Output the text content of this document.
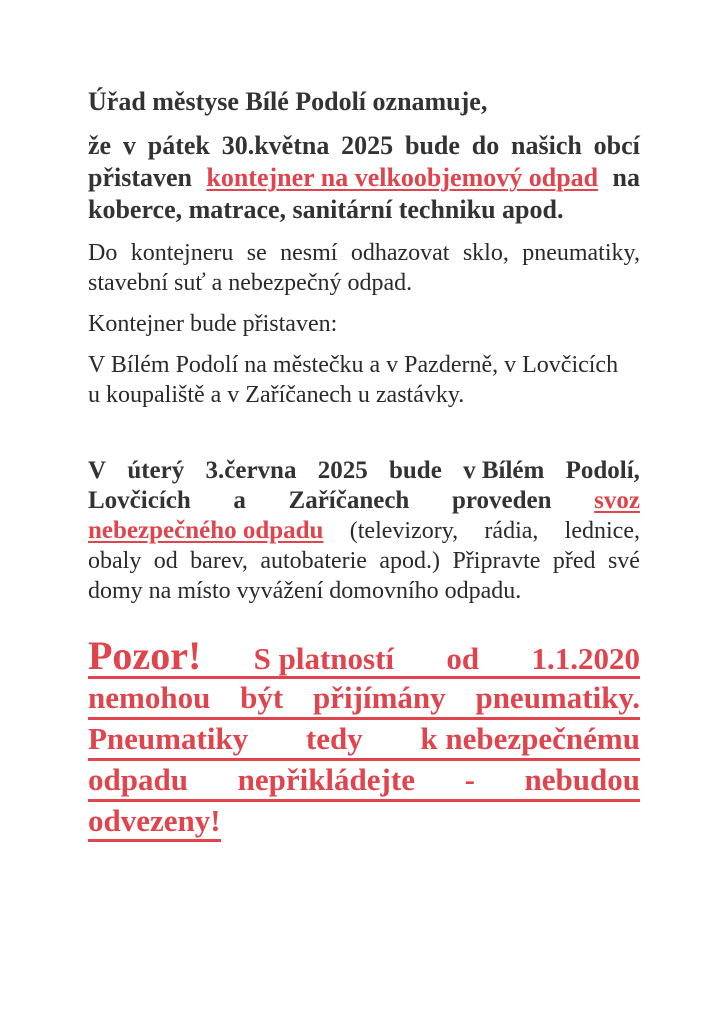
Úřad městyse Bílé Podolí oznamuje,
že v pátek 30.května 2025 bude do našich obcí
přistaven kontejner na velkoobjemový odpad na
koberce, matrace, sanitární techniku apod.
Do kontejneru se nesmí odhazovat sklo, pneumatiky,
stavební suť a nebezpečný odpad.
Kontejner bude přistaven:
V Bílém Podolí na městečku a v Pazderně, v Lovčicích
u koupaliště a v Zaříčanech u zastávky.
V úterý 3.června 2025 bude v Bílém Podolí,
Lovčicích a Zaříčanech proveden svoz
nebezpečného odpadu (televizory, rádia, lednice,
obaly od barev, autobaterie apod.) Připravte před své
domy na místo vyvážení domovního odpadu.
Pozor! S platností od 1.1.2020
nemohou být přijímány pneumatiky.
Pneumatiky tedy k nebezpečnému
odpadu nepřikládejte - nebudou
odvezeny!
